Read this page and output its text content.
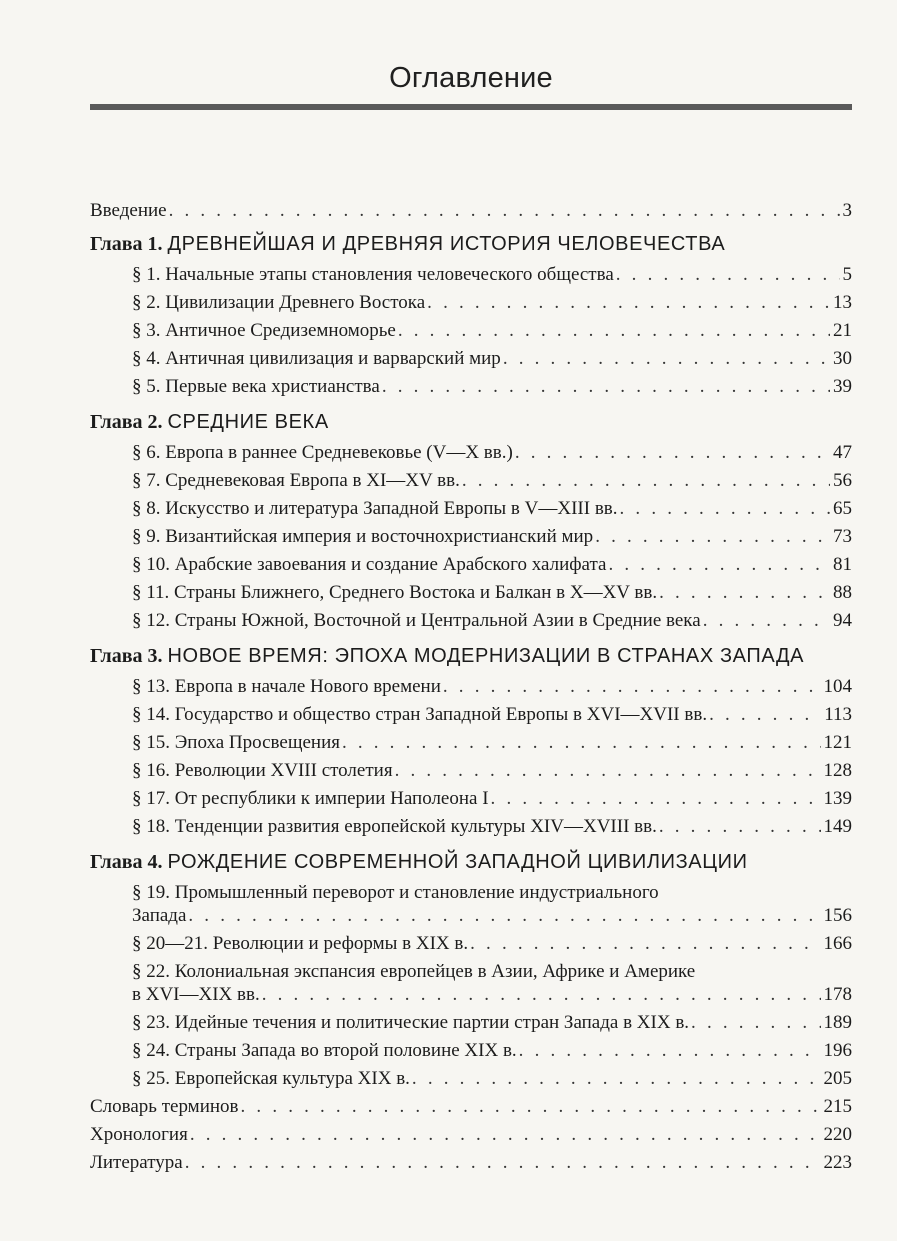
Оглавление
Введение . . .	3
Глава 1. ДРЕВНЕЙШАЯ И ДРЕВНЯЯ ИСТОРИЯ ЧЕЛОВЕЧЕСТВА
§ 1. Начальные этапы становления человеческого общества . . .	5
§ 2. Цивилизации Древнего Востока . . .	13
§ 3. Античное Средиземноморье . . .	21
§ 4. Античная цивилизация и варварский мир . . .	30
§ 5. Первые века христианства . . .	39
Глава 2. СРЕДНИЕ ВЕКА
§ 6. Европа в раннее Средневековье (V—X вв.) . . .	47
§ 7. Средневековая Европа в XI—XV вв. . . .	56
§ 8. Искусство и литература Западной Европы в V—XIII вв. . . .	65
§ 9. Византийская империя и восточнохристианский мир . . .	73
§ 10. Арабские завоевания и создание Арабского халифата . . .	81
§ 11. Страны Ближнего, Среднего Востока и Балкан в X—XV вв. . . .	88
§ 12. Страны Южной, Восточной и Центральной Азии в Средние века . . .	94
Глава 3. НОВОЕ ВРЕМЯ: ЭПОХА МОДЕРНИЗАЦИИ В СТРАНАХ ЗАПАДА
§ 13. Европа в начале Нового времени . . .	104
§ 14. Государство и общество стран Западной Европы в XVI—XVII вв. . . .	113
§ 15. Эпоха Просвещения . . .	121
§ 16. Революции XVIII столетия . . .	128
§ 17. От республики к империи Наполеона I . . .	139
§ 18. Тенденции развития европейской культуры XIV—XVIII вв. . . .	149
Глава 4. РОЖДЕНИЕ СОВРЕМЕННОЙ ЗАПАДНОЙ ЦИВИЛИЗАЦИИ
§ 19. Промышленный переворот и становление индустриального
Запада . . .	156
§ 20—21. Революции и реформы в XIX в. . . .	166
§ 22. Колониальная экспансия европейцев в Азии, Африке и Америке
в XVI—XIX вв. . . .	178
§ 23. Идейные течения и политические партии стран Запада в XIX в. . . .	189
§ 24. Страны Запада во второй половине XIX в. . . .	196
§ 25. Европейская культура XIX в. . . .	205
Словарь терминов . . .	215
Хронология . . .	220
Литература . . .	223
